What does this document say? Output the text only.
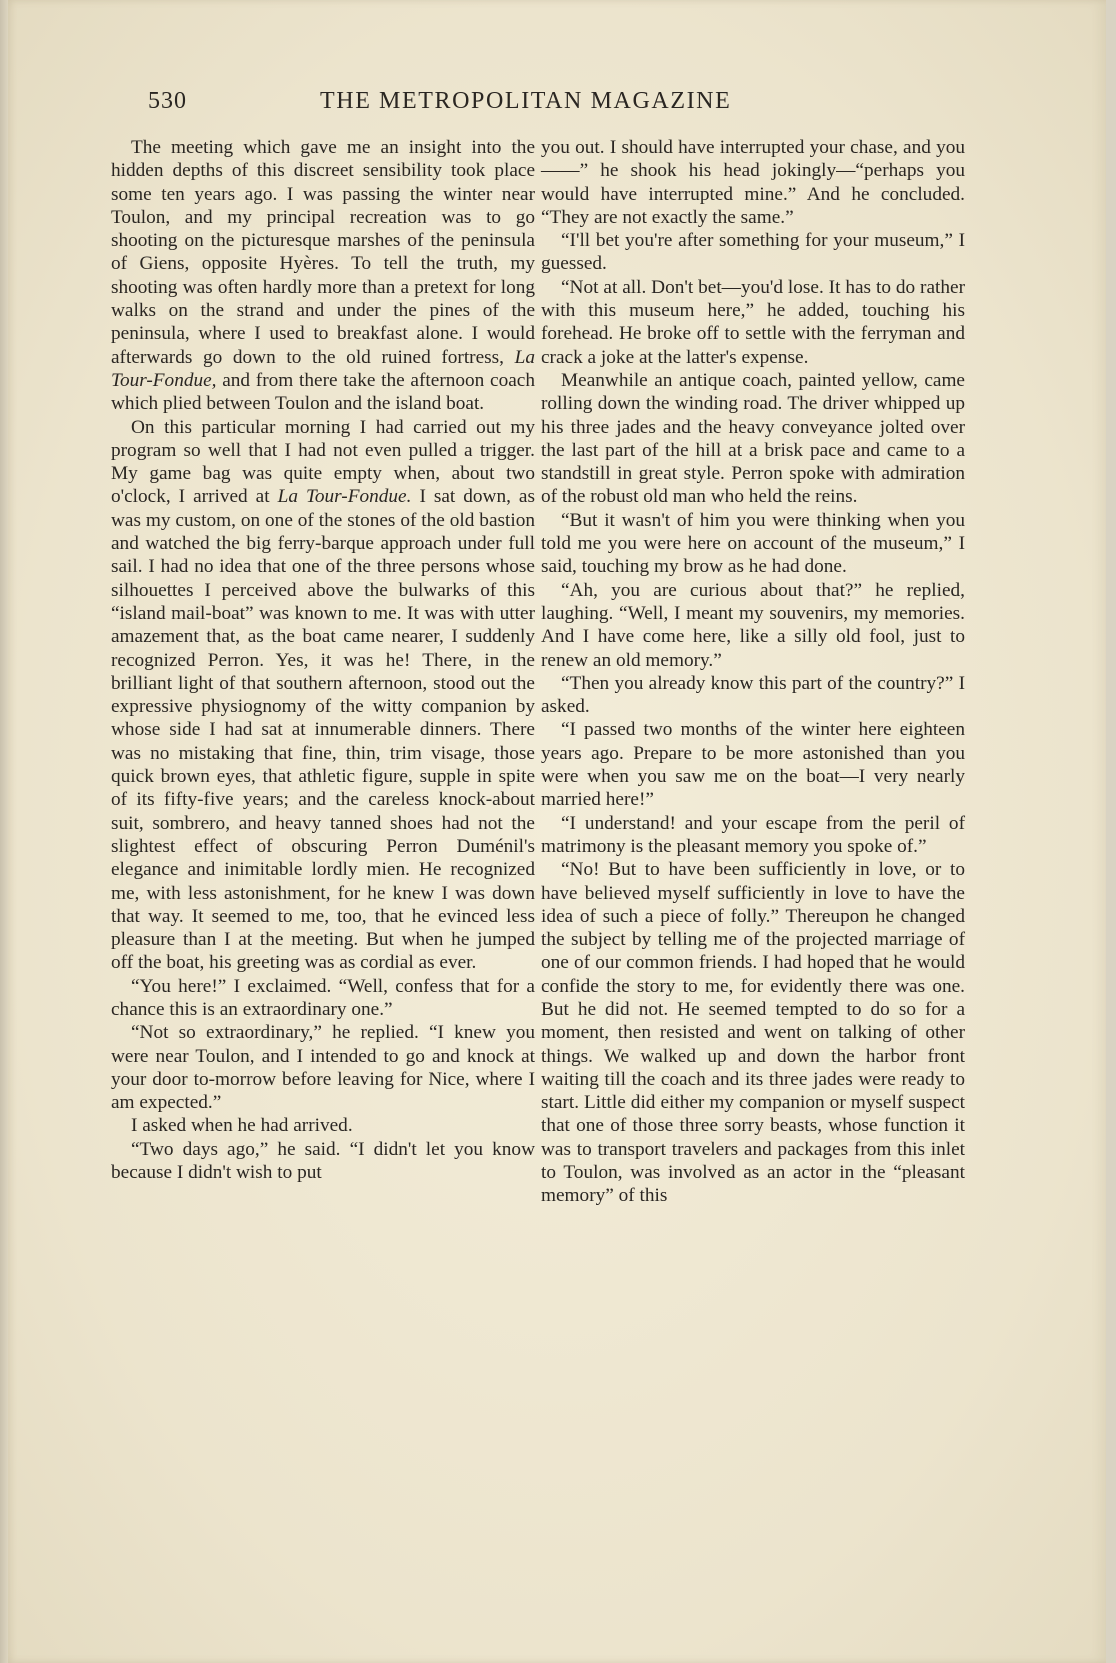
530	THE METROPOLITAN MAGAZINE

The meeting which gave me an insight into the hidden depths of this discreet sensibility took place some ten years ago. I was passing the winter near Toulon, and my principal recreation was to go shooting on the picturesque marshes of the peninsula of Giens, opposite Hyères. To tell the truth, my shooting was often hardly more than a pretext for long walks on the strand and under the pines of the peninsula, where I used to breakfast alone. I would afterwards go down to the old ruined fortress, La Tour-Fondue, and from there take the afternoon coach which plied between Toulon and the island boat.

On this particular morning I had carried out my program so well that I had not even pulled a trigger. My game bag was quite empty when, about two o'clock, I arrived at La Tour-Fondue. I sat down, as was my custom, on one of the stones of the old bastion and watched the big ferry-barque approach under full sail. I had no idea that one of the three persons whose silhouettes I perceived above the bulwarks of this “island mail-boat” was known to me. It was with utter amazement that, as the boat came nearer, I suddenly recognized Perron. Yes, it was he! There, in the brilliant light of that southern afternoon, stood out the expressive physiognomy of the witty companion by whose side I had sat at innumerable dinners. There was no mistaking that fine, thin, trim visage, those quick brown eyes, that athletic figure, supple in spite of its fifty-five years; and the careless knock-about suit, sombrero, and heavy tanned shoes had not the slightest effect of obscuring Perron Duménil's elegance and inimitable lordly mien. He recognized me, with less astonishment, for he knew I was down that way. It seemed to me, too, that he evinced less pleasure than I at the meeting. But when he jumped off the boat, his greeting was as cordial as ever.

“You here!” I exclaimed. “Well, confess that for a chance this is an extraordinary one.”

“Not so extraordinary,” he replied. “I knew you were near Toulon, and I intended to go and knock at your door to-morrow before leaving for Nice, where I am expected.”

I asked when he had arrived.

“Two days ago,” he said. “I didn't let you know because I didn't wish to put

you out. I should have interrupted your chase, and you——” he shook his head jokingly—“perhaps you would have interrupted mine.” And he concluded. “They are not exactly the same.”

“I'll bet you're after something for your museum,” I guessed.

“Not at all. Don't bet—you'd lose. It has to do rather with this museum here,” he added, touching his forehead. He broke off to settle with the ferryman and crack a joke at the latter's expense.

Meanwhile an antique coach, painted yellow, came rolling down the winding road. The driver whipped up his three jades and the heavy conveyance jolted over the last part of the hill at a brisk pace and came to a standstill in great style. Perron spoke with admiration of the robust old man who held the reins.

“But it wasn't of him you were thinking when you told me you were here on account of the museum,” I said, touching my brow as he had done.

“Ah, you are curious about that?” he replied, laughing. “Well, I meant my souvenirs, my memories. And I have come here, like a silly old fool, just to renew an old memory.”

“Then you already know this part of the country?” I asked.

“I passed two months of the winter here eighteen years ago. Prepare to be more astonished than you were when you saw me on the boat—I very nearly married here!”

“I understand! and your escape from the peril of matrimony is the pleasant memory you spoke of.”

“No! But to have been sufficiently in love, or to have believed myself sufficiently in love to have the idea of such a piece of folly.” Thereupon he changed the subject by telling me of the projected marriage of one of our common friends. I had hoped that he would confide the story to me, for evidently there was one. But he did not. He seemed tempted to do so for a moment, then resisted and went on talking of other things. We walked up and down the harbor front waiting till the coach and its three jades were ready to start. Little did either my companion or myself suspect that one of those three sorry beasts, whose function it was to transport travelers and packages from this inlet to Toulon, was involved as an actor in the “pleasant memory” of this
